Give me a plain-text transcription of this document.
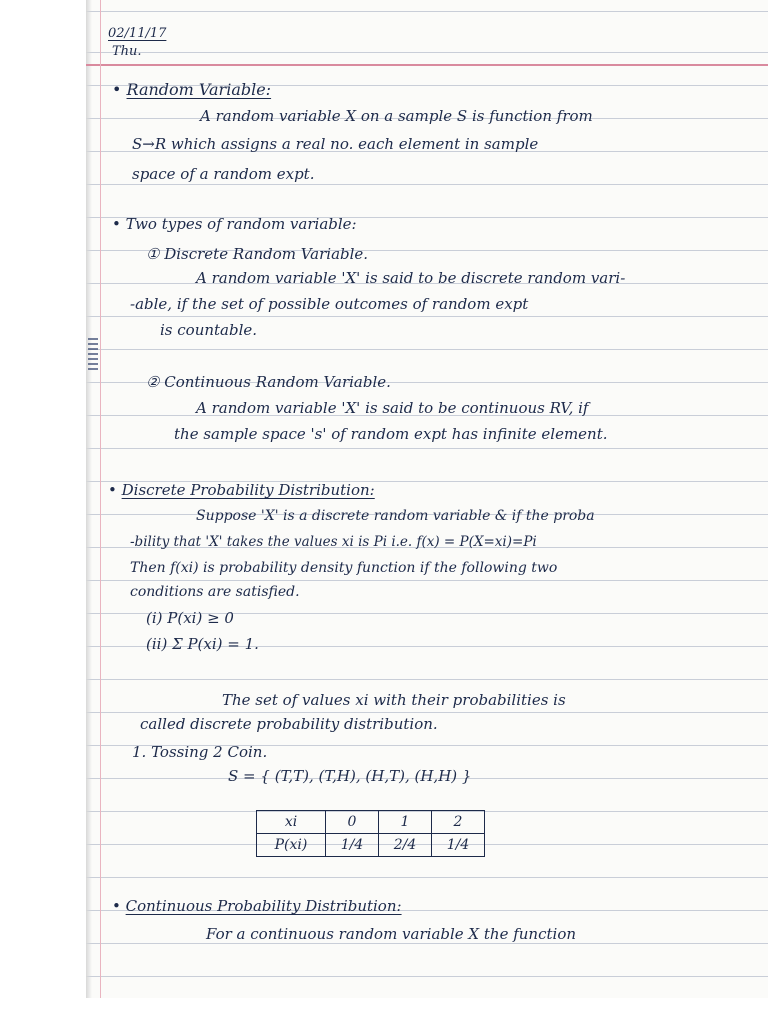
02/11/17
Thu.
• Random Variable:
A random variable X on a sample S is function from
S→R which assigns a real no. each element in sample
space of a random expt.
• Two types of random variable:
① Discrete Random Variable.
A random variable 'X' is said to be discrete random vari-
-able, if the set of possible outcomes of random expt
is countable.
② Continuous Random Variable.
A random variable 'X' is said to be continuous RV, if
the sample space 's' of random expt has infinite element.
• Discrete Probability Distribution:
Suppose 'X' is a discrete random variable & if the proba
-bility that 'X' takes the values xi is Pi i.e. f(x) = P(X=xi)=Pi
Then f(xi) is probability density function if the following two
conditions are satisfied.
(i) P(xi) ≥ 0
(ii) Σ P(xi) = 1.
The set of values xi with their probabilities is
called discrete probability distribution.
1. Tossing 2 Coin.
S = { (T,T), (T,H), (H,T), (H,H) }
xi	0	1	2
P(xi)	1/4	2/4	1/4
• Continuous Probability Distribution:
For a continuous random variable X the function
